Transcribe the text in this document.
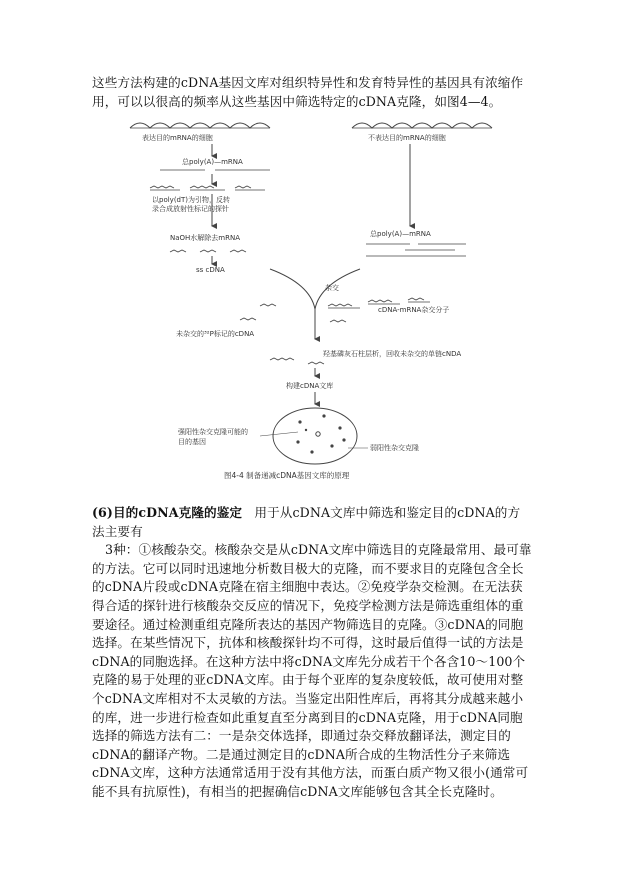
这些方法构建的cDNA基因文库对组织特异性和发育特异性的基因具有浓缩作用，可以以很高的频率从这些基因中筛选特定的cDNA克隆，如图4—4。
表达目的mRNA的细胞
总poly(A)—mRNA
以poly(dT)为引物，反转
录合成放射性标记的探针
NaOH水解除去mRNA
ss cDNA
不表达目的mRNA的细胞
总poly(A)—mRNA
杂交
cDNA-mRNA杂交分子
未杂交的³²P标记的cDNA
羟基磷灰石柱层析，回收未杂交的单链cNDA
构建cDNA文库
强阳性杂交克隆可能的
目的基因
弱阳性杂交克隆
图4-4 制备递减cDNA基因文库的原理
(6)目的cDNA克隆的鉴定 用于从cDNA文库中筛选和鉴定目的cDNA的方法主要有
3种：①核酸杂交。核酸杂交是从cDNA文库中筛选目的克隆最常用、最可靠的方法。它可以同时迅速地分析数目极大的克隆，而不要求目的克隆包含全长的cDNA片段或cDNA克隆在宿主细胞中表达。②免疫学杂交检测。在无法获得合适的探针进行核酸杂交反应的情况下，免疫学检测方法是筛选重组体的重要途径。通过检测重组克隆所表达的基因产物筛选目的克隆。③cDNA的同胞选择。在某些情况下，抗体和核酸探针均不可得，这时最后值得一试的方法是cDNA的同胞选择。在这种方法中将cDNA文库先分成若干个各含10～100个克隆的易于处理的亚cDNA文库。由于每个亚库的复杂度较低，故可使用对整个cDNA文库相对不太灵敏的方法。当鉴定出阳性库后，再将其分成越来越小的库，进一步进行检查如此重复直至分离到目的cDNA克隆，用于cDNA同胞选择的筛选方法有二：一是杂交体选择，即通过杂交释放翻译法，测定目的cDNA的翻译产物。二是通过测定目的cDNA所合成的生物活性分子来筛选cDNA文库，这种方法通常适用于没有其他方法，而蛋白质产物又很小(通常可能不具有抗原性)，有相当的把握确信cDNA文库能够包含其全长克隆时。
